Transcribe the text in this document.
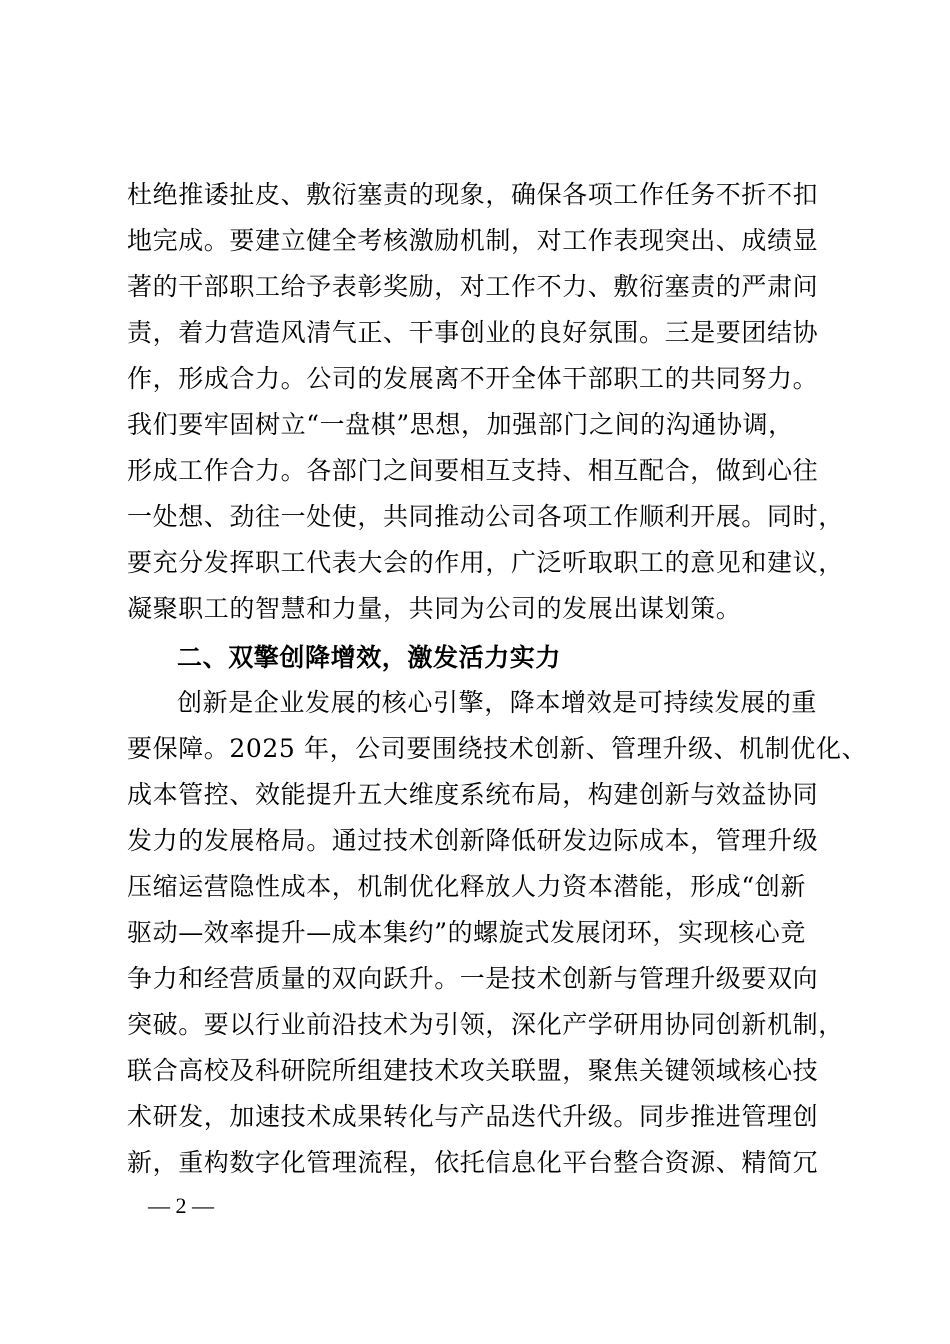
杜绝推诿扯皮、敷衍塞责的现象，确保各项工作任务不折不扣
地完成。要建立健全考核激励机制，对工作表现突出、成绩显
著的干部职工给予表彰奖励，对工作不力、敷衍塞责的严肃问
责，着力营造风清气正、干事创业的良好氛围。三是要团结协
作，形成合力。公司的发展离不开全体干部职工的共同努力。
我们要牢固树立“一盘棋”思想，加强部门之间的沟通协调，
形成工作合力。各部门之间要相互支持、相互配合，做到心往
一处想、劲往一处使，共同推动公司各项工作顺利开展。同时，
要充分发挥职工代表大会的作用，广泛听取职工的意见和建议，
凝聚职工的智慧和力量，共同为公司的发展出谋划策。
二、双擎创降增效，激发活力实力
创新是企业发展的核心引擎，降本增效是可持续发展的重
要保障。2025 年，公司要围绕技术创新、管理升级、机制优化、
成本管控、效能提升五大维度系统布局，构建创新与效益协同
发力的发展格局。通过技术创新降低研发边际成本，管理升级
压缩运营隐性成本，机制优化释放人力资本潜能，形成“创新
驱动—效率提升—成本集约”的螺旋式发展闭环，实现核心竞
争力和经营质量的双向跃升。一是技术创新与管理升级要双向
突破。要以行业前沿技术为引领，深化产学研用协同创新机制，
联合高校及科研院所组建技术攻关联盟，聚焦关键领域核心技
术研发，加速技术成果转化与产品迭代升级。同步推进管理创
新，重构数字化管理流程，依托信息化平台整合资源、精简冗
— 2 —
